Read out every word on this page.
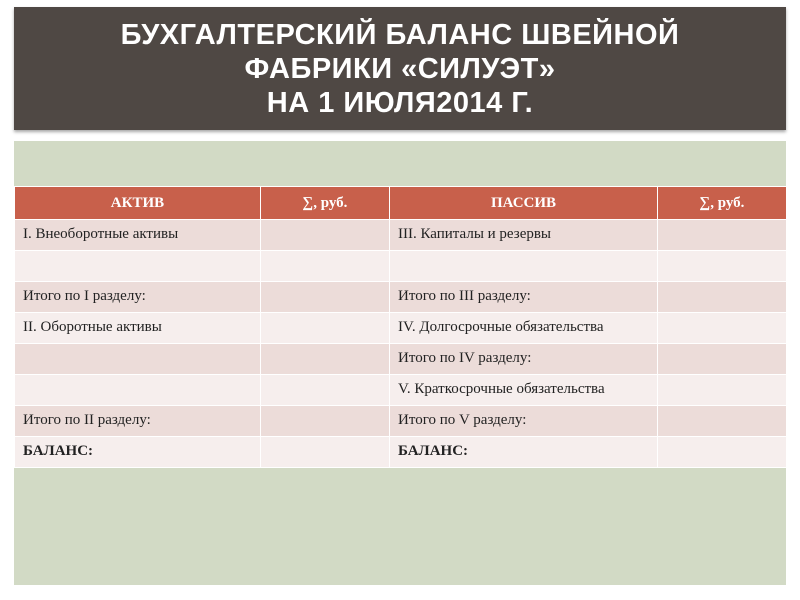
БУХГАЛТЕРСКИЙ БАЛАНС ШВЕЙНОЙ
ФАБРИКИ «СИЛУЭТ»
НА 1 ИЮЛЯ2014 Г.
АКТИВ	∑, руб.	ПАССИВ	∑, руб.
I. Внеоборотные активы		III. Капиталы и резервы	

Итого по I разделу:		Итого по III разделу:	
II. Оборотные активы		IV. Долгосрочные обязательства	
		Итого по IV разделу:	
		V. Краткосрочные обязательства	
Итого по II разделу:		Итого по V разделу:	
БАЛАНС:		БАЛАНС:	
